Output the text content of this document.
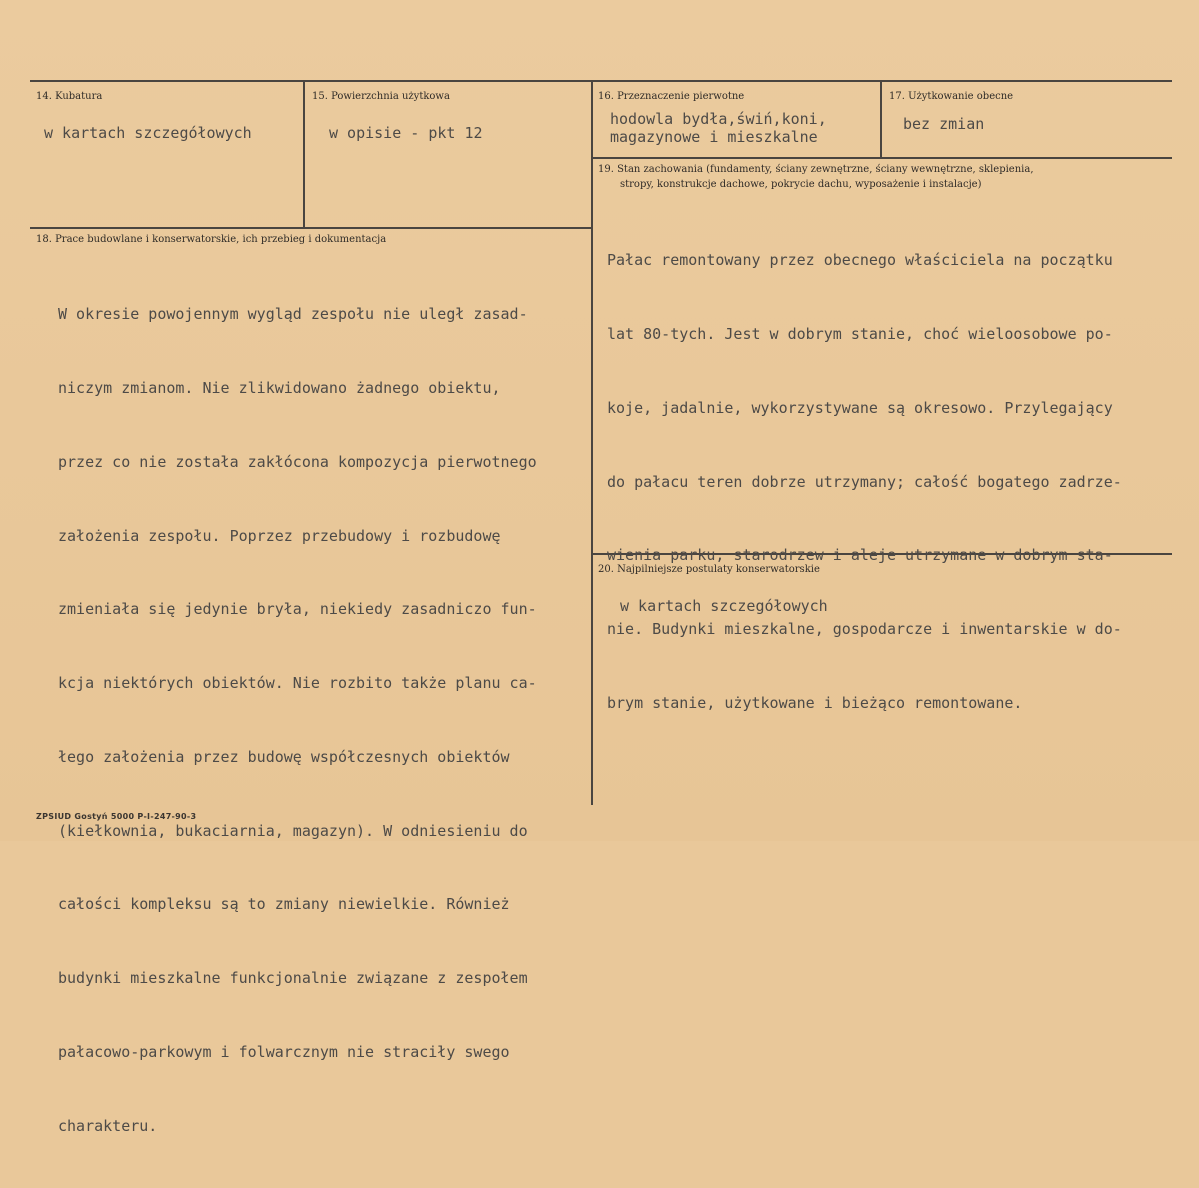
14. Kubatura
w kartach szczegółowych
15. Powierzchnia użytkowa
w opisie - pkt 12
16. Przeznaczenie pierwotne
hodowla bydła,świń,koni,
magazynowe i mieszkalne
17. Użytkowanie obecne
bez zmian
18. Prace budowlane i konserwatorskie, ich przebieg i dokumentacja

W okresie powojennym wygląd zespołu nie uległ zasad-

niczym zmianom. Nie zlikwidowano żadnego obiektu,

przez co nie została zakłócona kompozycja pierwotnego

założenia zespołu. Poprzez przebudowy i rozbudowę

zmieniała się jedynie bryła, niekiedy zasadniczo fun-

kcja niektórych obiektów. Nie rozbito także planu ca-

łego założenia przez budowę współczesnych obiektów

(kiełkownia, bukaciarnia, magazyn). W odniesieniu do

całości kompleksu są to zmiany niewielkie. Również

budynki mieszkalne funkcjonalnie związane z zespołem

pałacowo-parkowym i folwarcznym nie straciły swego

charakteru.

19. Stan zachowania (fundamenty, ściany zewnętrzne, ściany wewnętrzne, sklepienia,
stropy, konstrukcje dachowe, pokrycie dachu, wyposażenie i instalacje)

Pałac remontowany przez obecnego właściciela na początku

lat 80-tych. Jest w dobrym stanie, choć wieloosobowe po-

koje, jadalnie, wykorzystywane są okresowo. Przylegający

do pałacu teren dobrze utrzymany; całość bogatego zadrze-

wienia parku, starodrzew i aleje utrzymane w dobrym sta-

nie. Budynki mieszkalne, gospodarcze i inwentarskie w do-

brym stanie, użytkowane i bieżąco remontowane.

20. Najpilniejsze postulaty konserwatorskie
w kartach szczegółowych
ZPSIUD Gostyń 5000 P-I-247-90-3
